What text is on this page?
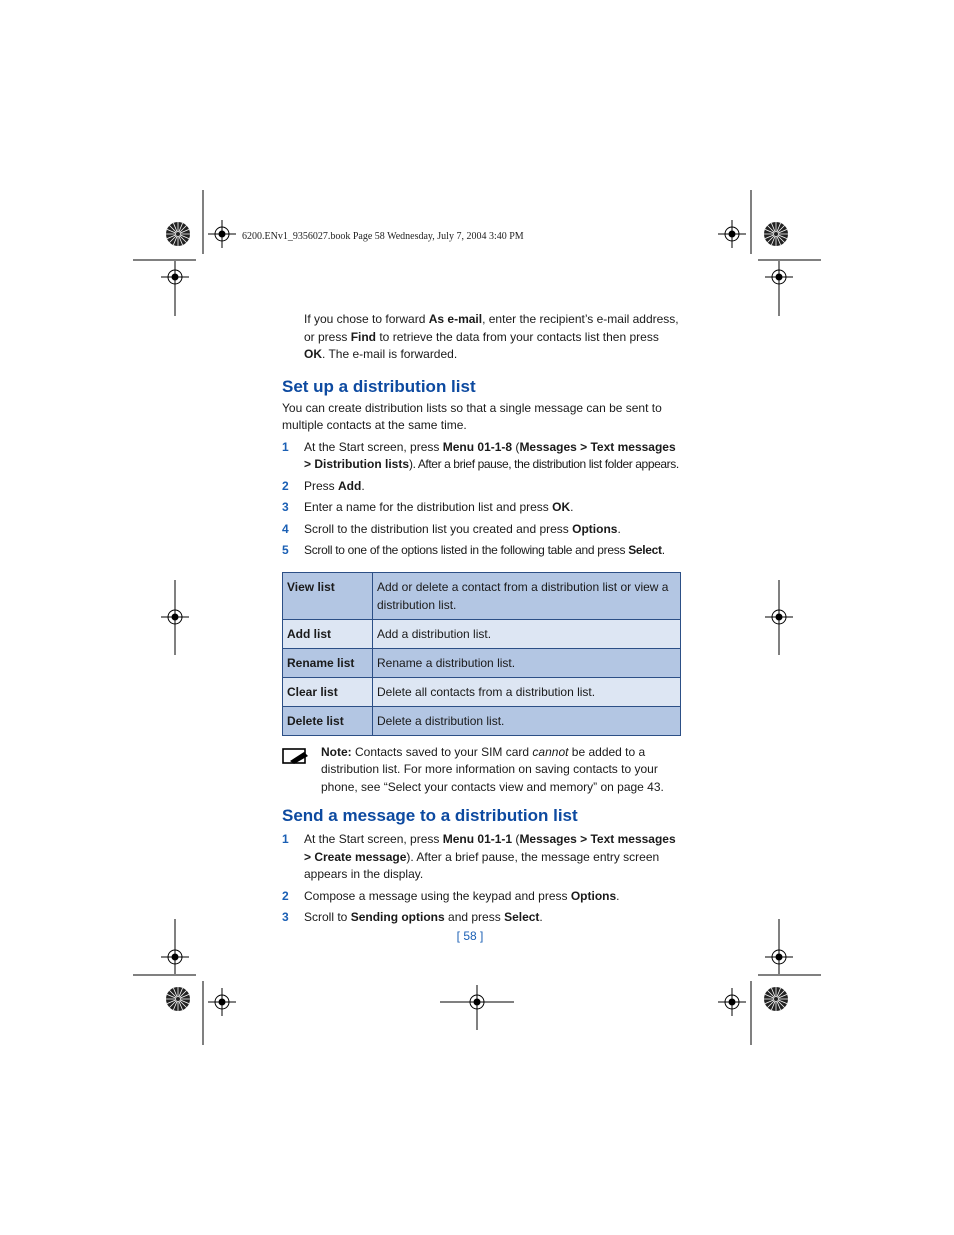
6200.ENv1_9356027.book Page 58 Wednesday, July 7, 2004 3:40 PM

If you chose to forward As e-mail, enter the recipient’s e-mail address, or press Find to retrieve the data from your contacts list then press OK. The e-mail is forwarded.

Set up a distribution list

You can create distribution lists so that a single message can be sent to multiple contacts at the same time.

1 At the Start screen, press Menu 01-1-8 (Messages > Text messages > Distribution lists). After a brief pause, the distribution list folder appears.
2 Press Add.
3 Enter a name for the distribution list and press OK.
4 Scroll to the distribution list you created and press Options.
5 Scroll to one of the options listed in the following table and press Select.
View list	Add or delete a contact from a distribution list or view a distribution list.
Add list	Add a distribution list.
Rename list	Rename a distribution list.
Clear list	Delete all contacts from a distribution list.
Delete list	Delete a distribution list.
Note: Contacts saved to your SIM card cannot be added to a distribution list. For more information on saving contacts to your phone, see “Select your contacts view and memory” on page 43.
Send a message to a distribution list
1 At the Start screen, press Menu 01-1-1 (Messages > Text messages > Create message). After a brief pause, the message entry screen appears in the display.
2 Compose a message using the keypad and press Options.
3 Scroll to Sending options and press Select.
[ 58 ]
